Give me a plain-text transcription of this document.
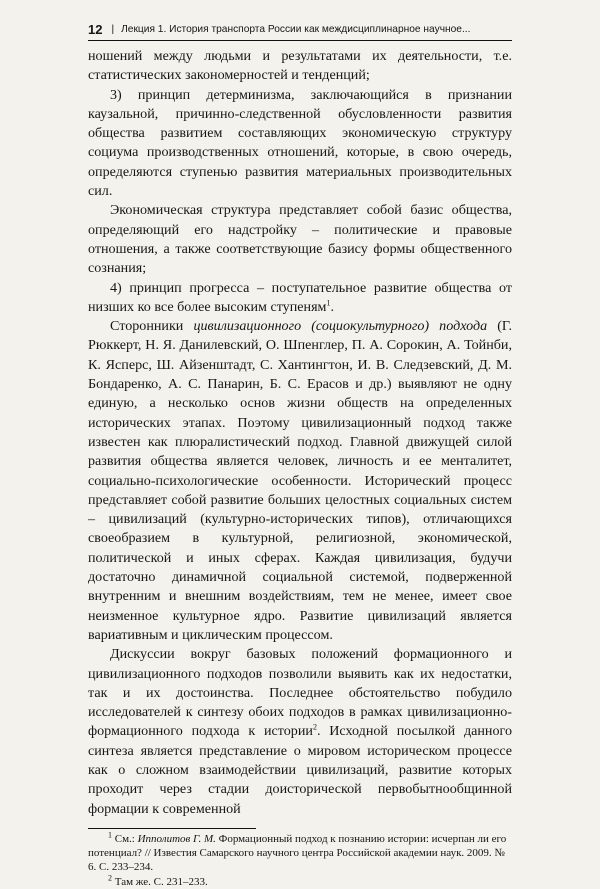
12 | Лекция 1. История транспорта России как междисциплинарное научное...

ношений между людьми и результатами их деятельности, т.е. статистических закономерностей и тенденций;

3) принцип детерминизма, заключающийся в признании каузальной, причинно-следственной обусловленности развития общества развитием составляющих экономическую структуру социума производственных отношений, которые, в свою очередь, определяются ступенью развития материальных производительных сил.

Экономическая структура представляет собой базис общества, определяющий его надстройку – политические и правовые отношения, а также соответствующие базису формы общественного сознания;

4) принцип прогресса – поступательное развитие общества от низших ко все более высоким ступеням$^1$.

Сторонники цивилизационного (социокультурного) подхода (Г. Рюккерт, Н. Я. Данилевский, О. Шпенглер, П. А. Сорокин, А. Тойнби, К. Ясперс, Ш. Айзенштадт, С. Хантингтон, И. В. Следзевский, Д. М. Бондаренко, А. С. Панарин, Б. С. Ерасов и др.) выявляют не одну единую, а несколько основ жизни обществ на определенных исторических этапах. Поэтому цивилизационный подход также известен как плюралистический подход. Главной движущей силой развития общества является человек, личность и ее менталитет, социально-психологические особенности. Исторический процесс представляет собой развитие больших целостных социальных систем – цивилизаций (культурно-исторических типов), отличающихся своеобразием в культурной, религиозной, экономической, политической и иных сферах. Каждая цивилизация, будучи достаточно динамичной социальной системой, подверженной внутренним и внешним воздействиям, тем не менее, имеет свое неизменное культурное ядро. Развитие цивилизаций является вариативным и циклическим процессом.

Дискуссии вокруг базовых положений формационного и цивилизационного подходов позволили выявить как их недостатки, так и их достоинства. Последнее обстоятельство побудило исследователей к синтезу обоих подходов в рамках цивилизационно-формационного подхода к истории$^2$. Исходной посылкой данного синтеза является представление о мировом историческом процессе как о сложном взаимодействии цивилизаций, развитие которых проходит через стадии доисторической первобытнообщинной формации к современной

$^1$ См.: Ипполитов Г. М. Формационный подход к познанию истории: исчерпан ли его потенциал? // Известия Самарского научного центра Российской академии наук. 2009. № 6. С. 233–234.

$^2$ Там же. С. 231–233.
